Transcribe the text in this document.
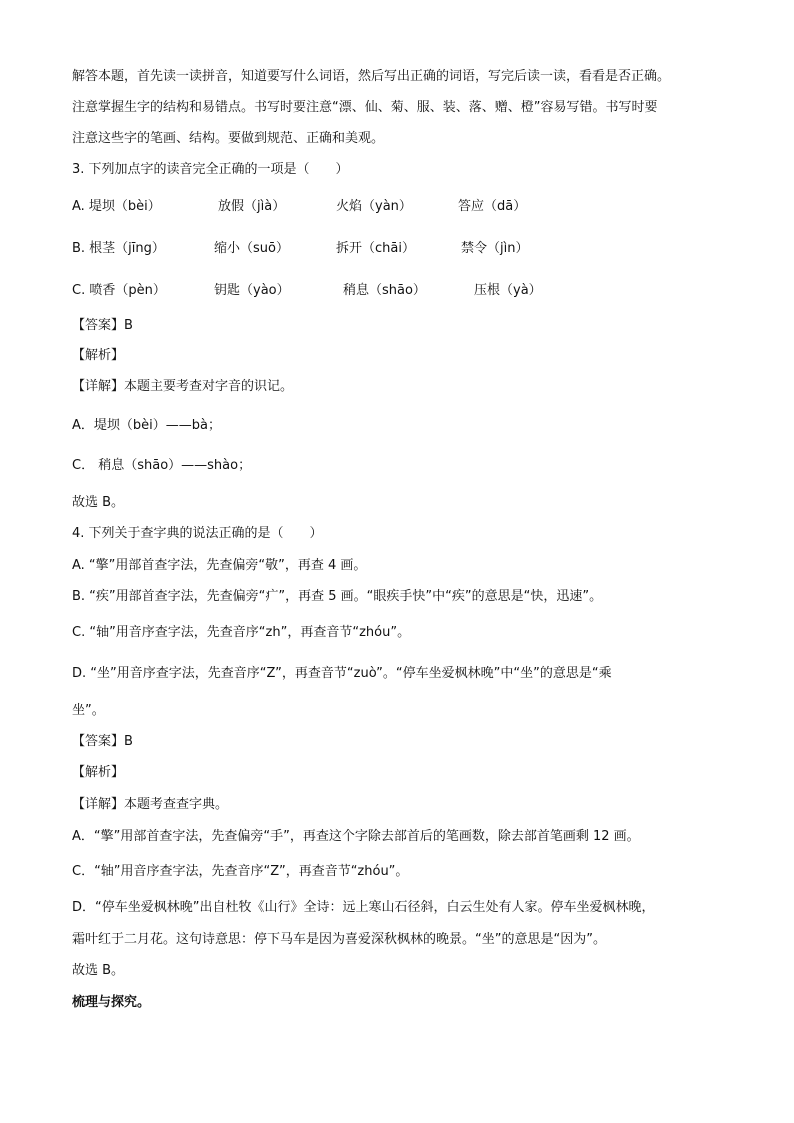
解答本题，首先读一读拼音，知道要写什么词语，然后写出正确的词语，写完后读一读，看看是否正确。
注意掌握生字的结构和易错点。书写时要注意“漂、仙、菊、服、装、落、赠、橙”容易写错。书写时要
注意这些字的笔画、结构。要做到规范、正确和美观。
3. 下列加点字的读音完全正确的一项是（　　）
A. 堤坝（bèi）	放假（jìà）	火焰（yàn）	答应（dā）
B. 根茎（jīng）	缩小（suō）	拆开（chāi）	禁令（jìn）
C. 喷香（pèn）	钥匙（yào）	稍息（shāo）	压根（yà）
【答案】B
【解析】
【详解】本题主要考查对字音的识记。
A．堤坝（bèi）——bà；
C． 稍息（shāo）——shào；
故选 B。
4. 下列关于查字典的说法正确的是（　　）
A. “擎”用部首查字法，先查偏旁“敬”，再查 4 画。
B. “疾”用部首查字法，先查偏旁“疒”，再查 5 画。“眼疾手快”中“疾”的意思是“快，迅速”。
C. “轴”用音序查字法，先查音序“zh”，再查音节“zhóu”。
D. “坐”用音序查字法，先查音序“Z”，再查音节“zuò”。“停车坐爱枫林晚”中“坐”的意思是“乘
坐”。
【答案】B
【解析】
【详解】本题考查查字典。
A．“擎”用部首查字法，先查偏旁“手”，再查这个字除去部首后的笔画数，除去部首笔画剩 12 画。
C．“轴”用音序查字法，先查音序“Z”，再查音节“zhóu”。
D．“停车坐爱枫林晚”出自杜牧《山行》全诗：远上寒山石径斜，白云生处有人家。停车坐爱枫林晚，
霜叶红于二月花。这句诗意思：停下马车是因为喜爱深秋枫林的晚景。“坐”的意思是“因为”。
故选 B。
梳理与探究。
